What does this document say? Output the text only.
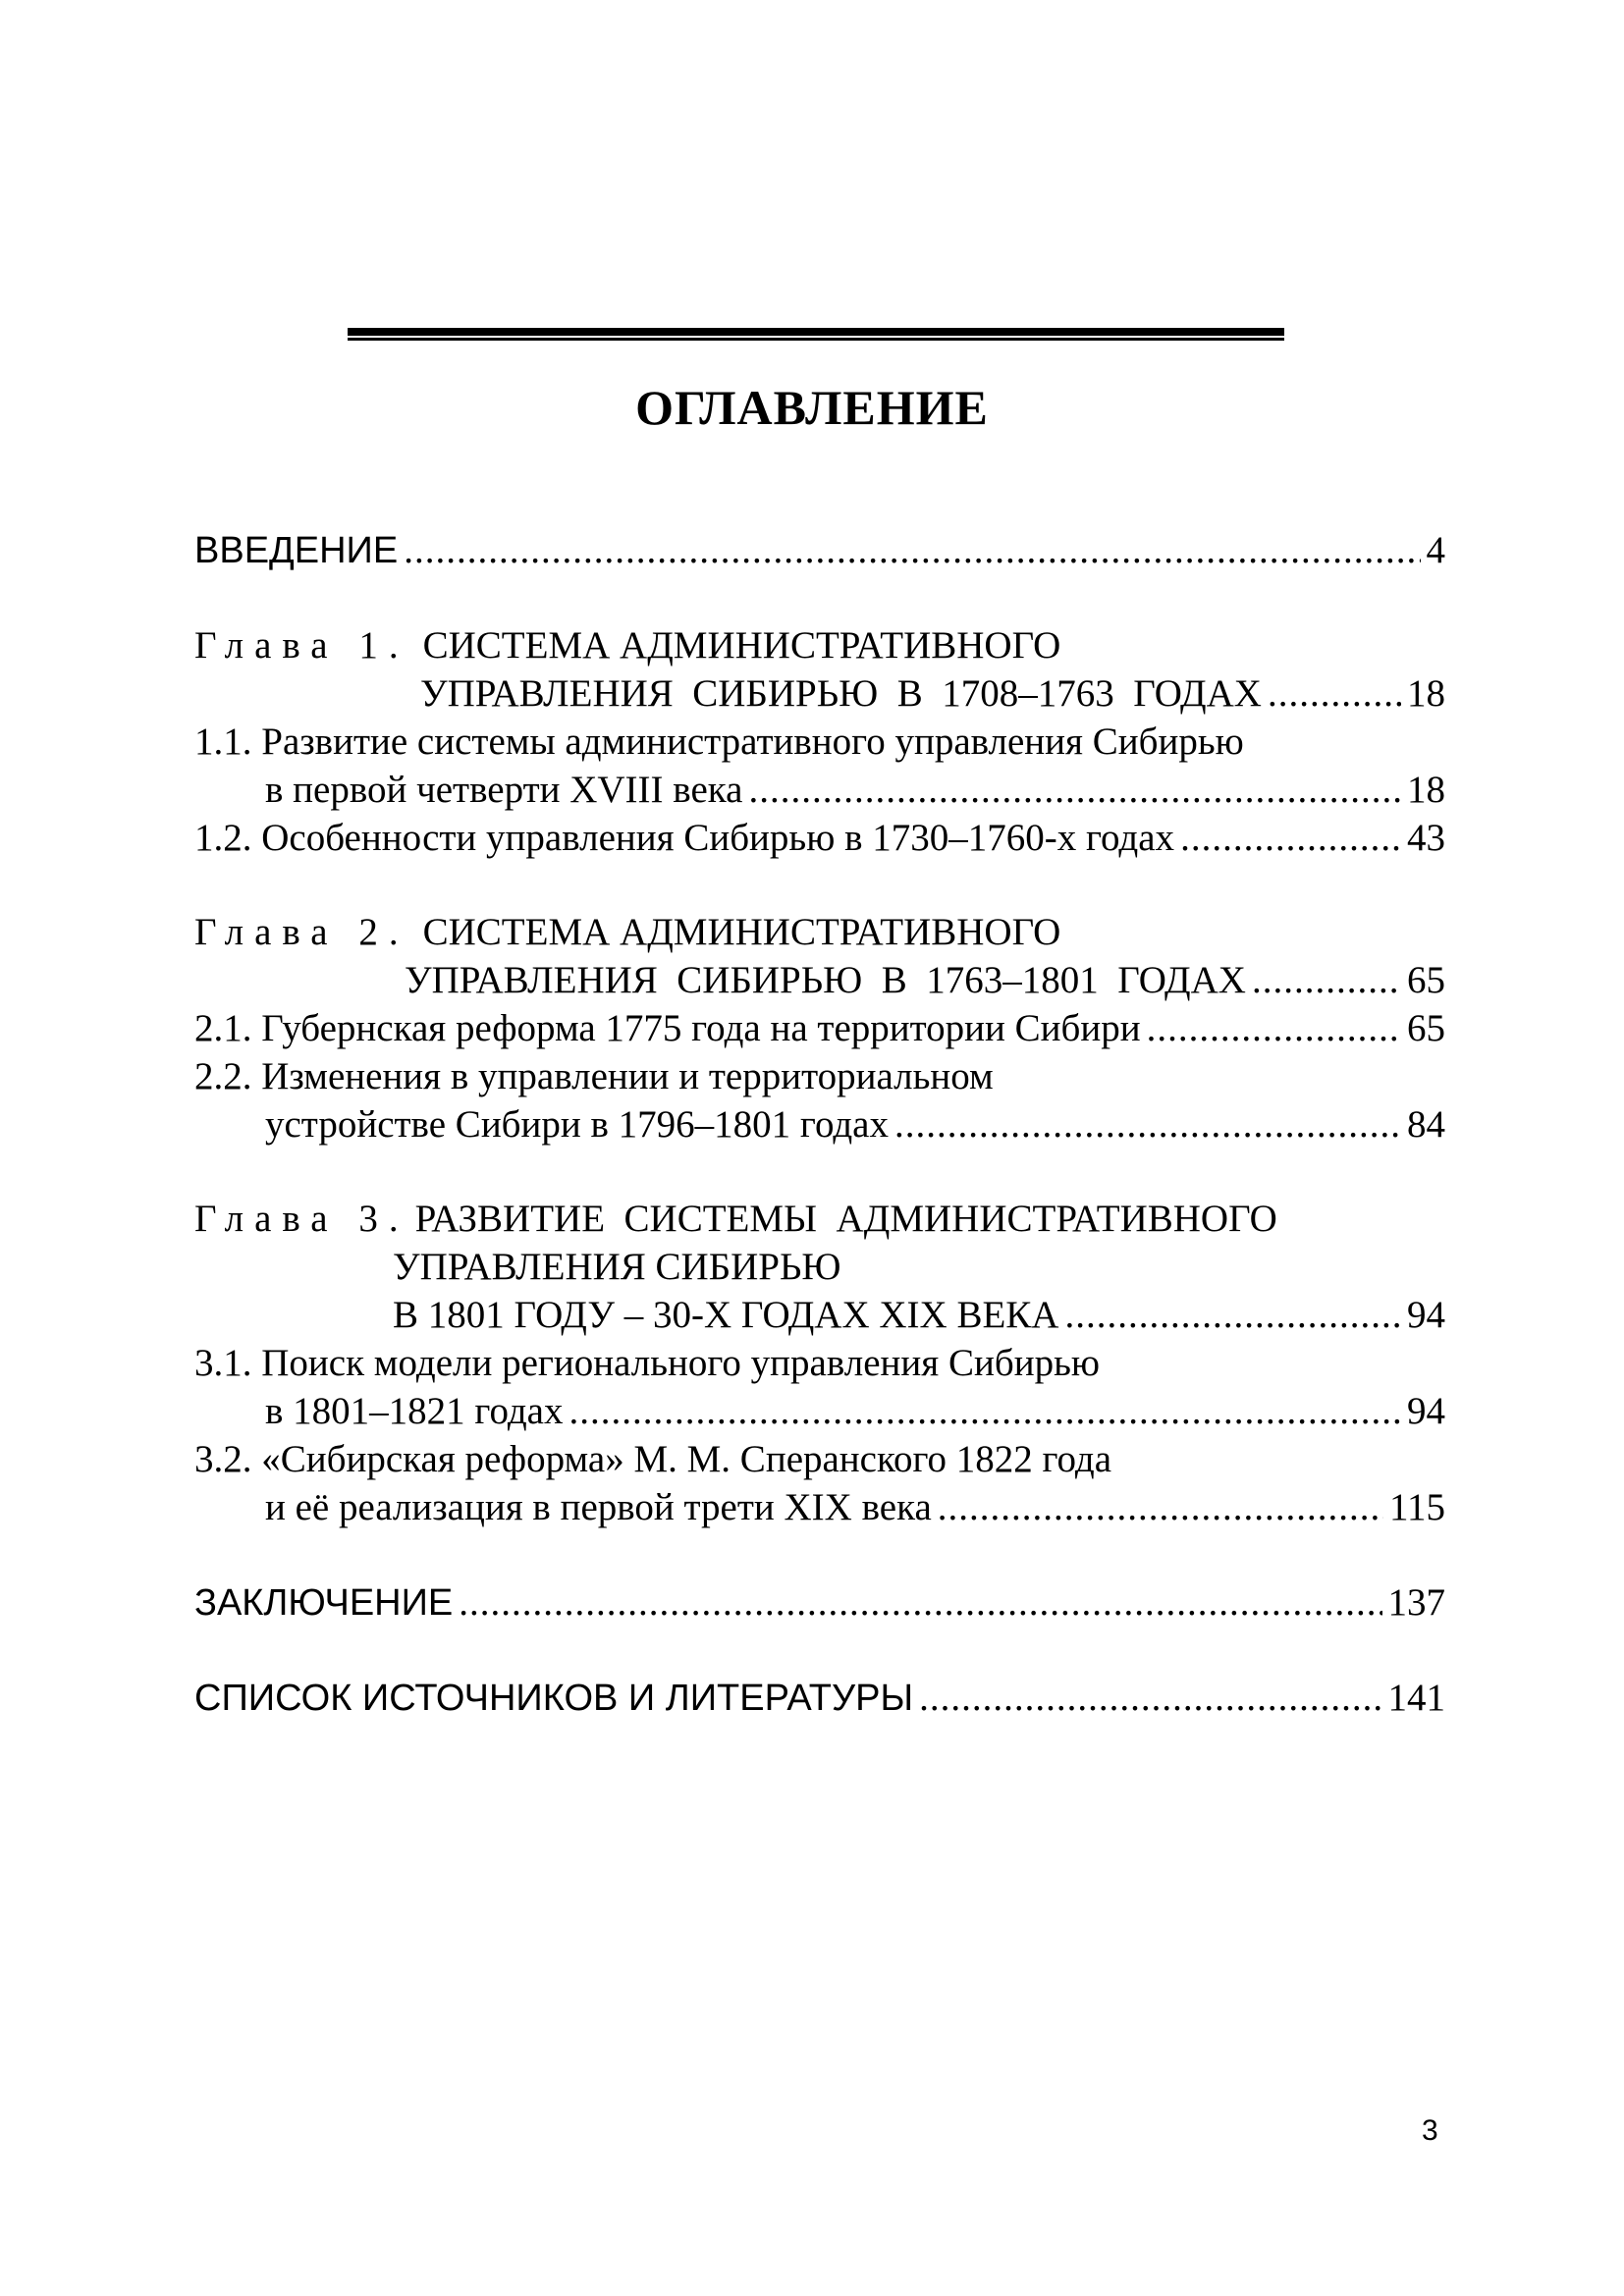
ОГЛАВЛЕНИЕ
ВВЕДЕНИЕ .....	4
Глава 1. СИСТЕМА АДМИНИСТРАТИВНОГО
УПРАВЛЕНИЯ  СИБИРЬЮ  В  1708–1763  ГОДАХ .....	18
1.1. Развитие системы административного управления Сибирью
в первой четверти XVIII века .....	18
1.2. Особенности управления Сибирью в 1730–1760-х годах .....	43
Глава 2. СИСТЕМА АДМИНИСТРАТИВНОГО
УПРАВЛЕНИЯ  СИБИРЬЮ  В  1763–1801  ГОДАХ .....	65
2.1. Губернская реформа 1775 года на территории Сибири .....	65
2.2. Изменения в управлении и территориальном
устройстве Сибири в 1796–1801 годах .....	84
Глава 3. РАЗВИТИЕ  СИСТЕМЫ  АДМИНИСТРАТИВНОГО
УПРАВЛЕНИЯ СИБИРЬЮ
В 1801 ГОДУ – 30-Х ГОДАХ XIX ВЕКА .....	94
3.1. Поиск модели регионального управления Сибирью
в 1801–1821 годах .....	94
3.2. «Сибирская реформа» М. М. Сперанского 1822 года
и её реализация в первой трети XIX века .....	115
ЗАКЛЮЧЕНИЕ .....	137
СПИСОК ИСТОЧНИКОВ И ЛИТЕРАТУРЫ .....	141
3
